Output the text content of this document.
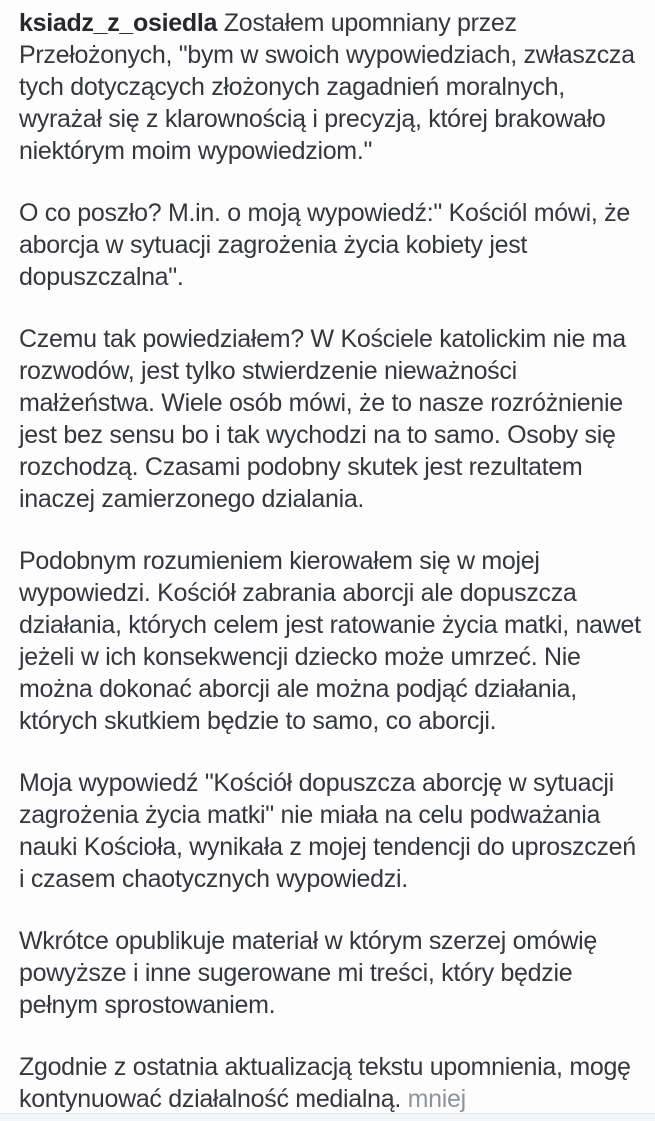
ksiadz_z_osiedla Zostałem upomniany przez Przełożonych, "bym w swoich wypowiedziach, zwłaszcza tych dotyczących złożonych zagadnień moralnych, wyrażał się z klarownością i precyzją, której brakowało niektórym moim wypowiedziom."

O co poszło? M.in. o moją wypowiedź:" Kościól mówi, że aborcja w sytuacji zagrożenia życia kobiety jest dopuszczalna".

Czemu tak powiedziałem? W Kościele katolickim nie ma rozwodów, jest tylko stwierdzenie nieważności małżeństwa. Wiele osób mówi, że to nasze rozróżnienie jest bez sensu bo i tak wychodzi na to samo. Osoby się rozchodzą. Czasami podobny skutek jest rezultatem inaczej zamierzonego dzialania.

Podobnym rozumieniem kierowałem się w mojej wypowiedzi. Kościół zabrania aborcji ale dopuszcza działania, których celem jest ratowanie życia matki, nawet jeżeli w ich konsekwencji dziecko może umrzeć. Nie można dokonać aborcji ale można podjąć działania, których skutkiem będzie to samo, co aborcji.

Moja wypowiedź "Kościół dopuszcza aborcję w sytuacji zagrożenia życia matki" nie miała na celu podważania nauki Kościoła, wynikała z mojej tendencji do uproszczeń i czasem chaotycznych wypowiedzi.

Wkrótce opublikuje materiał w którym szerzej omówię powyższe i inne sugerowane mi treści, który będzie pełnym sprostowaniem.

Zgodnie z ostatnia aktualizacją tekstu upomnienia, mogę kontynuować działalność medialną. mniej
